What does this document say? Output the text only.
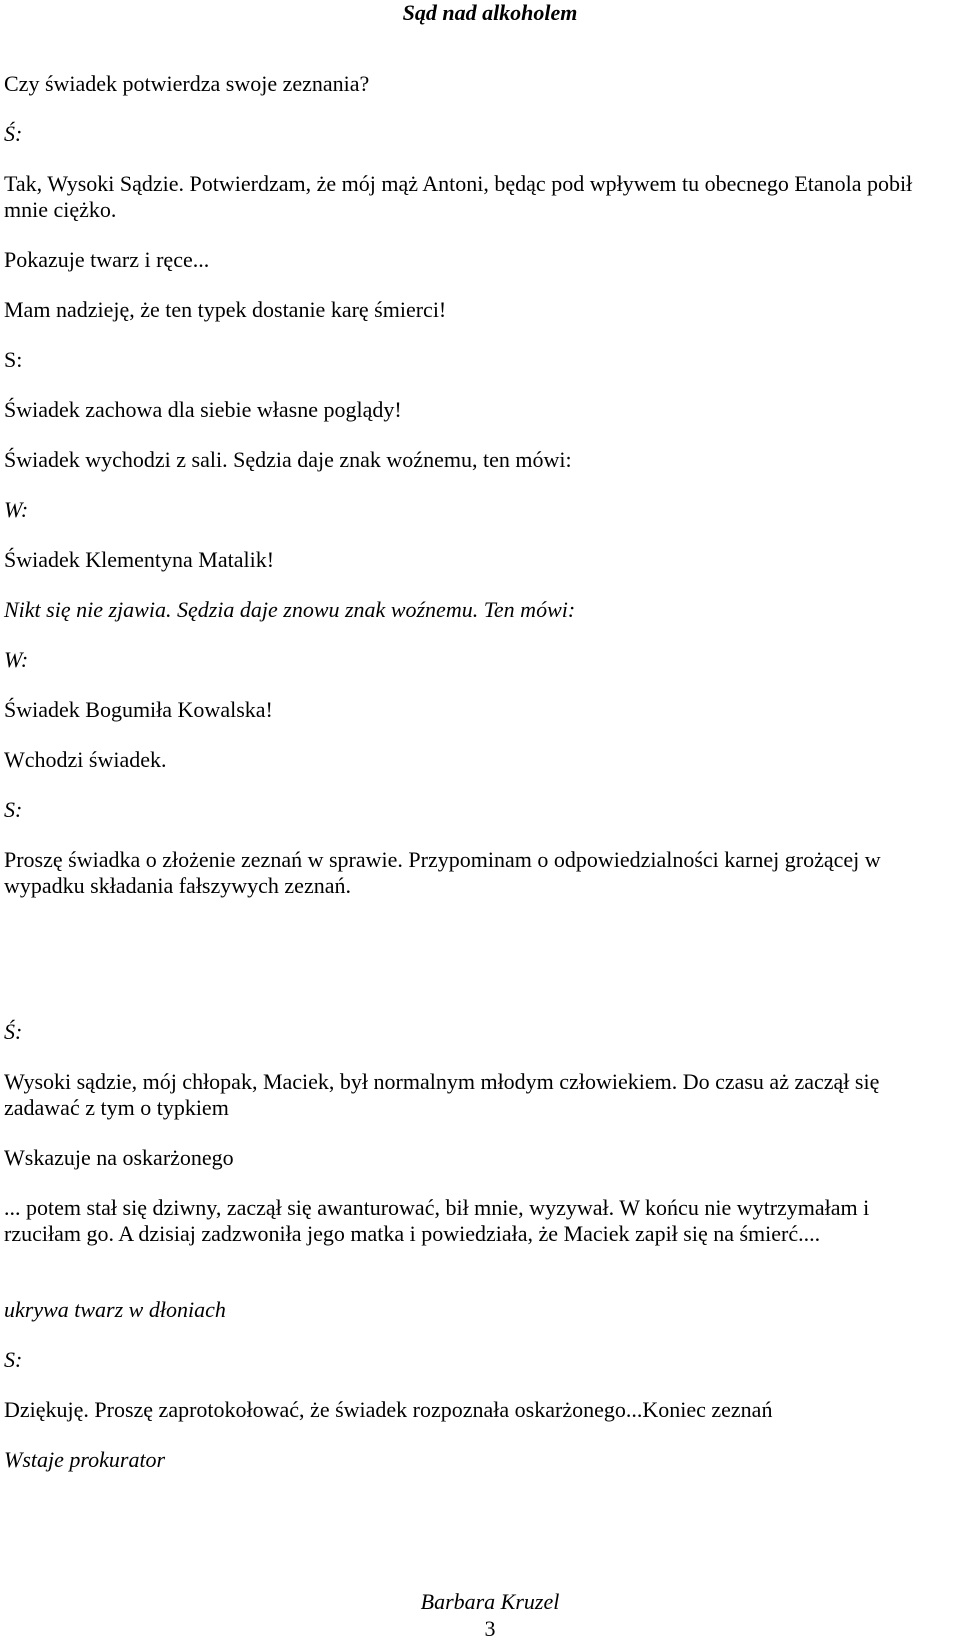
Sąd nad alkoholem

Czy świadek potwierdza swoje zeznania?

Ś:

Tak, Wysoki Sądzie. Potwierdzam, że mój mąż Antoni, będąc pod wpływem tu obecnego Etanola pobił mnie ciężko.

Pokazuje twarz i ręce...

Mam nadzieję, że ten typek dostanie karę śmierci!

S:

Świadek zachowa dla siebie własne poglądy!

Świadek wychodzi z sali. Sędzia daje znak woźnemu, ten mówi:

W:

Świadek Klementyna Matalik!

Nikt się nie zjawia. Sędzia daje znowu znak woźnemu. Ten mówi:

W:

Świadek Bogumiła Kowalska!

Wchodzi świadek.

S:

Proszę świadka o złożenie zeznań w sprawie. Przypominam o odpowiedzialności karnej grożącej w wypadku składania fałszywych zeznań.

Ś:

Wysoki sądzie, mój chłopak, Maciek, był normalnym młodym człowiekiem. Do czasu aż zaczął się zadawać z tym o typkiem

Wskazuje na oskarżonego

... potem stał się dziwny, zaczął się awanturować, bił mnie, wyzywał. W końcu nie wytrzymałam i rzuciłam go. A dzisiaj zadzwoniła jego matka i powiedziała, że Maciek zapił się na śmierć....

ukrywa twarz w dłoniach

S:

Dziękuję. Proszę zaprotokołować, że świadek rozpoznała oskarżonego...Koniec zeznań

Wstaje prokurator

Barbara Kruzel
3
